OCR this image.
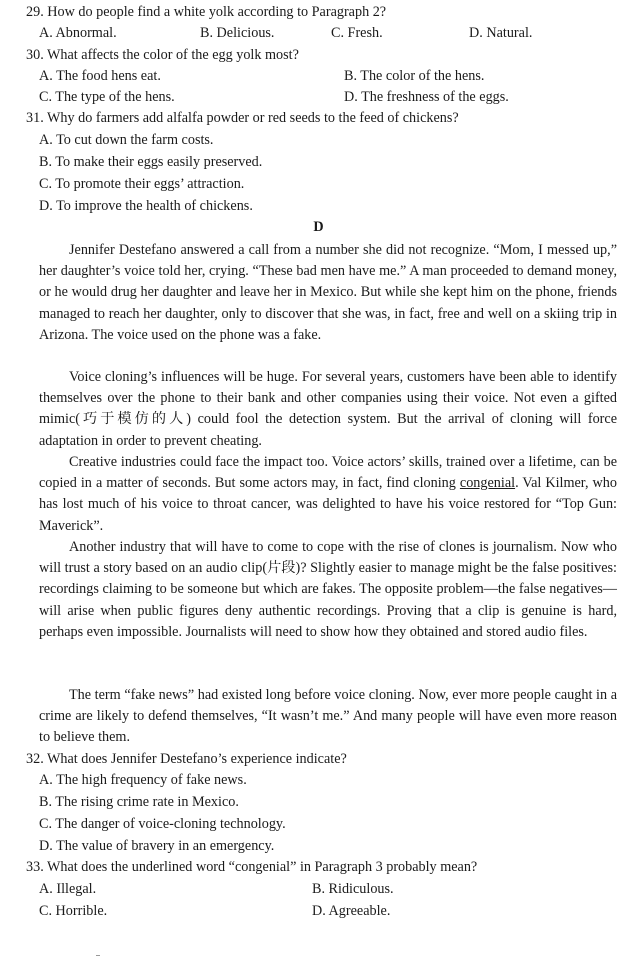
29. How do people find a white yolk according to Paragraph 2?
A. Abnormal.	B. Delicious.	C. Fresh.	D. Natural.
30. What affects the color of the egg yolk most?
A. The food hens eat.	B. The color of the hens.
C. The type of the hens.	D. The freshness of the eggs.
31. Why do farmers add alfalfa powder or red seeds to the feed of chickens?
A. To cut down the farm costs.
B. To make their eggs easily preserved.
C. To promote their eggs’ attraction.
D. To improve the health of chickens.
D

Jennifer Destefano answered a call from a number she did not recognize. “Mom, I messed up,” her daughter’s voice told her, crying. “These bad men have me.” A man proceeded to demand money, or he would drug her daughter and leave her in Mexico. But while she kept him on the phone, friends managed to reach her daughter, only to discover that she was, in fact, free and well on a skiing trip in Arizona. The voice used on the phone was a fake.

Voice cloning’s influences will be huge. For several years, customers have been able to identify themselves over the phone to their bank and other companies using their voice. Not even a gifted mimic(巧于模仿的人) could fool the detection system. But the arrival of cloning will force adaptation in order to prevent cheating.

Creative industries could face the impact too. Voice actors’ skills, trained over a lifetime, can be copied in a matter of seconds. But some actors may, in fact, find cloning congenial. Val Kilmer, who has lost much of his voice to throat cancer, was delighted to have his voice restored for “Top Gun: Maverick”.

Another industry that will have to come to cope with the rise of clones is journalism. Now who will trust a story based on an audio clip(片段)? Slightly easier to manage might be the false positives: recordings claiming to be someone but which are fakes. The opposite problem—the false negatives—will arise when public figures deny authentic recordings. Proving that a clip is genuine is hard, perhaps even impossible. Journalists will need to show how they obtained and stored audio files.

The term “fake news” had existed long before voice cloning. Now, ever more people caught in a crime are likely to defend themselves, “It wasn’t me.” And many people will have even more reason to believe them.

32. What does Jennifer Destefano’s experience indicate?
A. The high frequency of fake news.
B. The rising crime rate in Mexico.
C. The danger of voice-cloning technology.
D. The value of bravery in an emergency.
33. What does the underlined word “congenial” in Paragraph 3 probably mean?
A. Illegal.	B. Ridiculous.
C. Horrible.	D. Agreeable.
